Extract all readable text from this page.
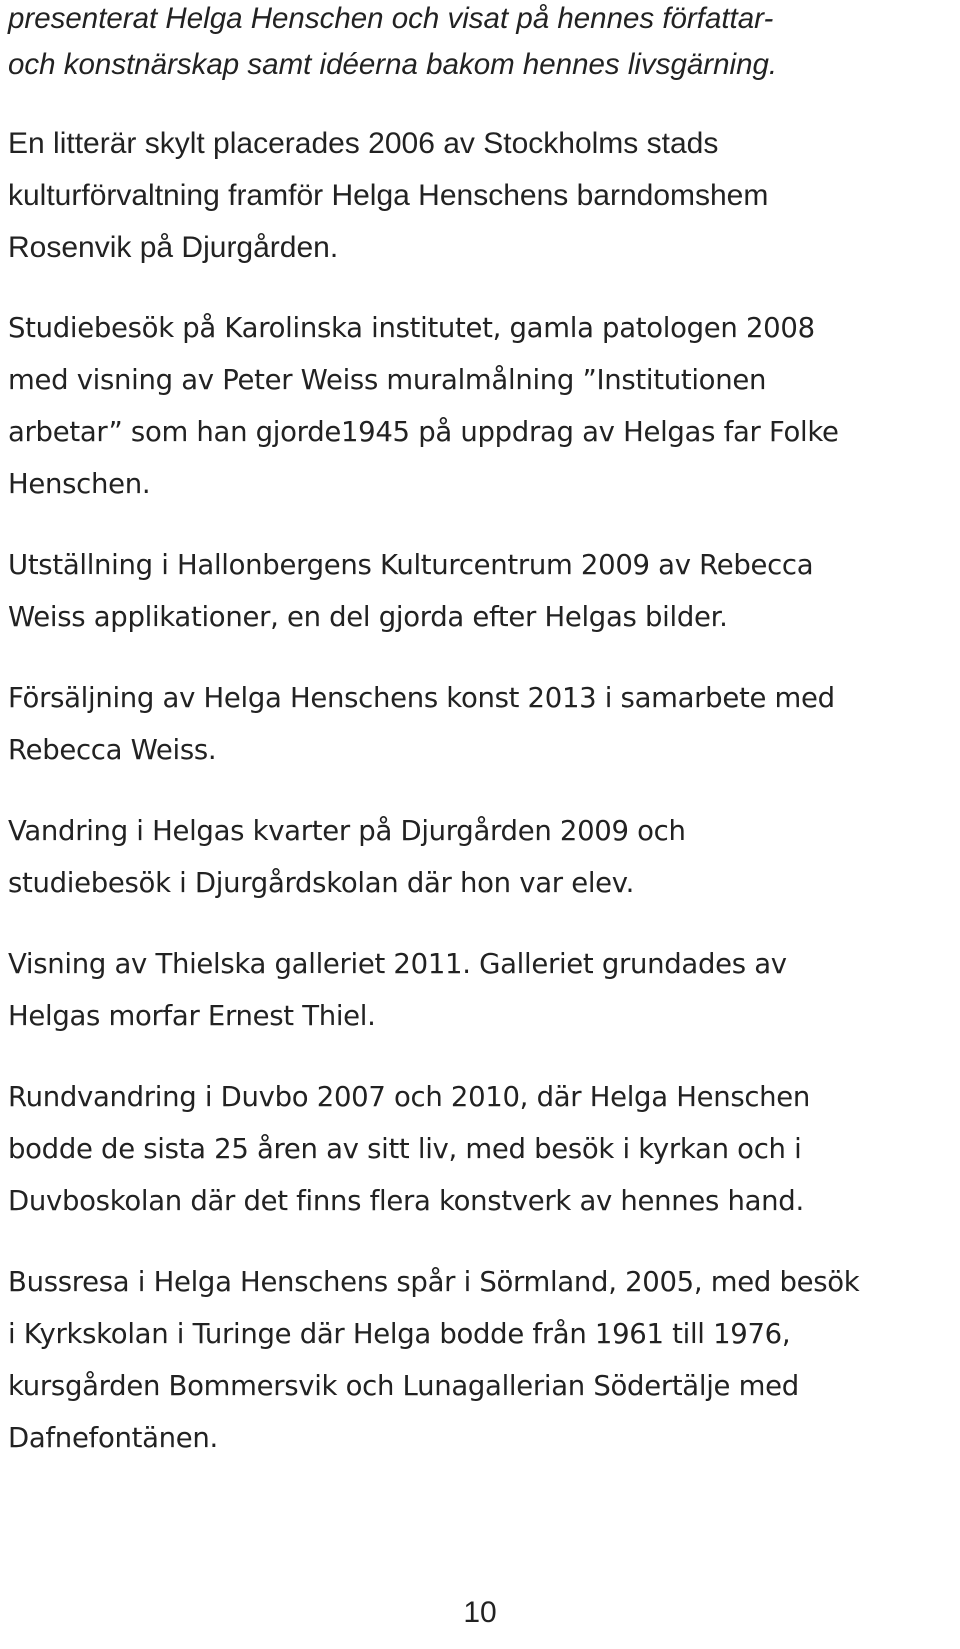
presenterat Helga Henschen och visat på hennes författar-
och konstnärskap samt idéerna bakom hennes livsgärning.

En litterär skylt placerades 2006 av Stockholms stads
kulturförvaltning framför Helga Henschens barndomshem
Rosenvik på Djurgården.

Studiebesök på Karolinska institutet, gamla patologen 2008
med visning av Peter Weiss muralmålning ”Institutionen
arbetar” som han gjorde1945 på uppdrag av Helgas far Folke
Henschen.

Utställning i Hallonbergens Kulturcentrum 2009 av Rebecca
Weiss applikationer, en del gjorda efter Helgas bilder.

Försäljning av Helga Henschens konst 2013 i samarbete med
Rebecca Weiss.

Vandring i Helgas kvarter på Djurgården 2009 och
studiebesök i Djurgårdskolan där hon var elev.

Visning av Thielska galleriet 2011. Galleriet grundades av
Helgas morfar Ernest Thiel.

Rundvandring i Duvbo 2007 och 2010, där Helga Henschen
bodde de sista 25 åren av sitt liv, med besök i kyrkan och i
Duvboskolan där det finns flera konstverk av hennes hand.

Bussresa i Helga Henschens spår i Sörmland, 2005, med besök
i Kyrkskolan i Turinge där Helga bodde från 1961 till 1976,
kursgården Bommersvik och Lunagallerian Södertälje med
Dafnefontänen.

10
